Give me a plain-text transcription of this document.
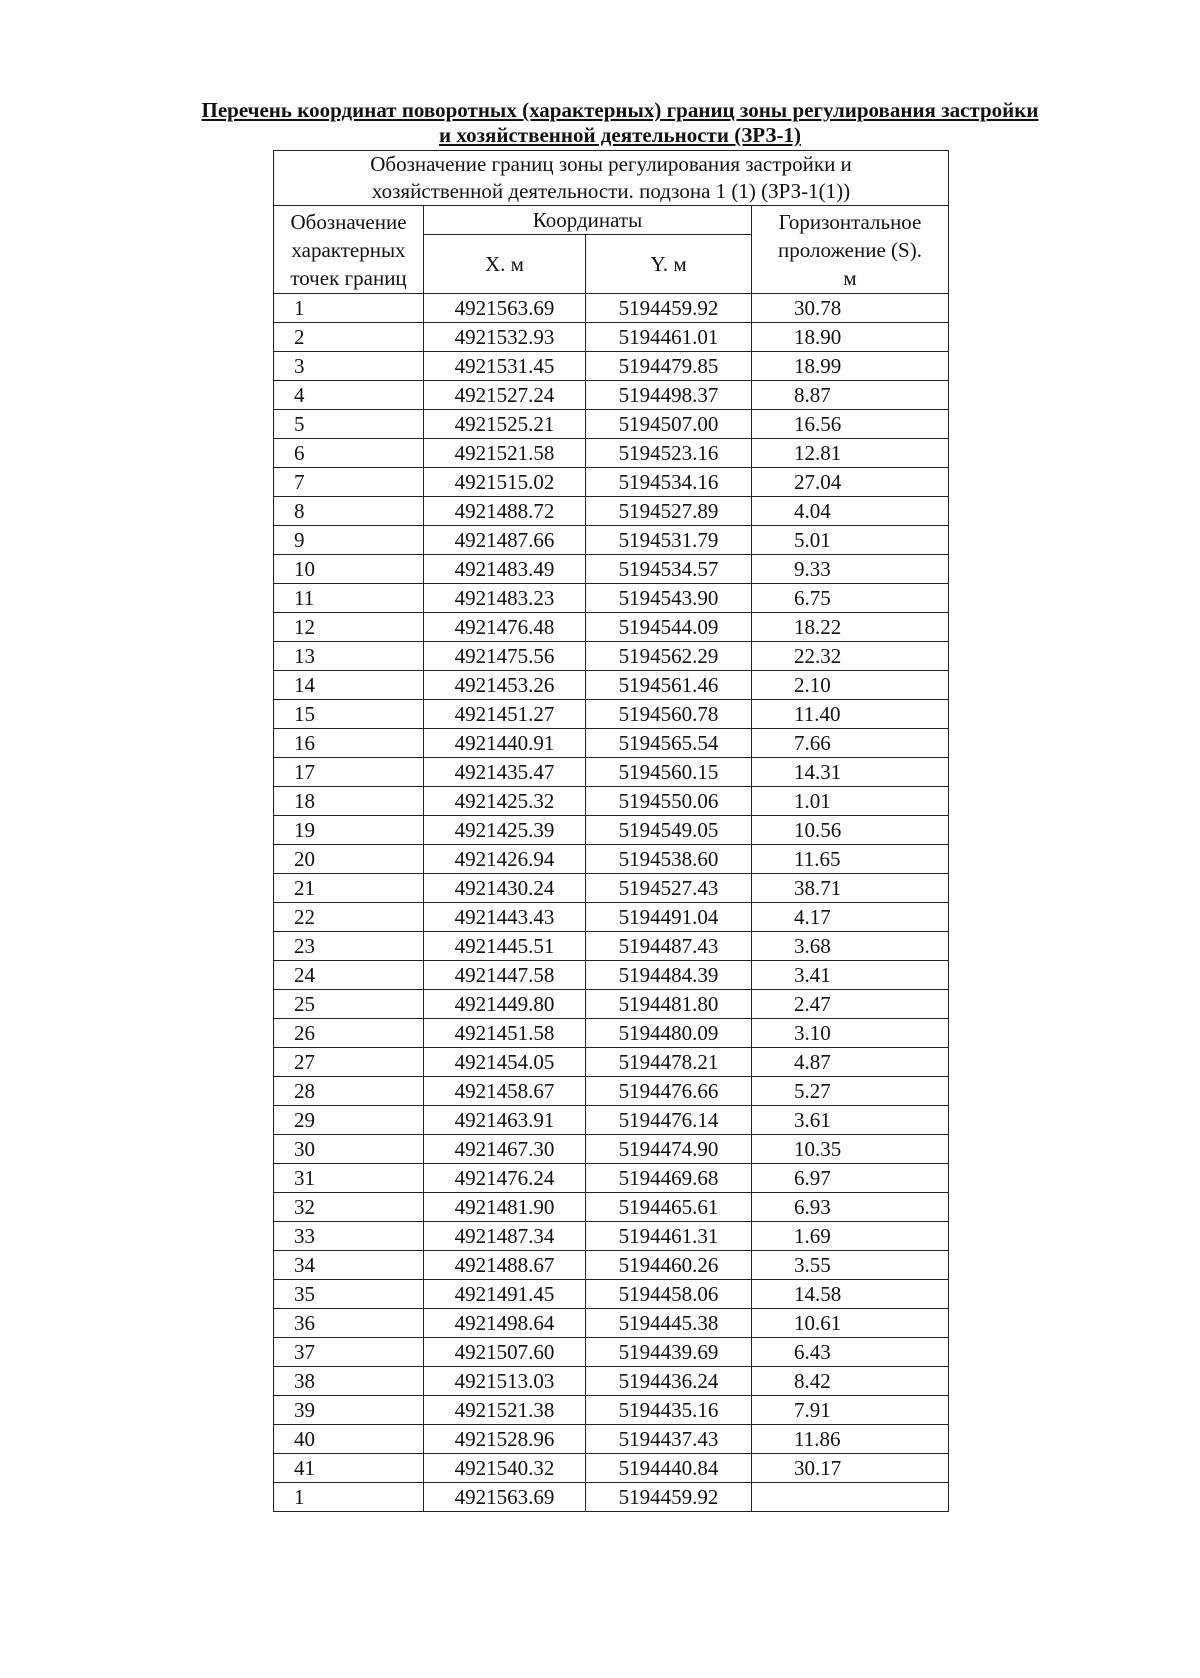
Перечень координат поворотных (характерных) границ зоны регулирования застройки
и хозяйственной деятельности (ЗРЗ-1)
Обозначение границ зоны регулирования застройки и
хозяйственной деятельности. подзона 1 (1) (ЗРЗ-1(1))			
Обозначение
характерных
точек границ	Координаты		Горизонтальное
проложение (S).
м
	X. м	Y. м	
1	4921563.69	5194459.92	30.78
2	4921532.93	5194461.01	18.90
3	4921531.45	5194479.85	18.99
4	4921527.24	5194498.37	8.87
5	4921525.21	5194507.00	16.56
6	4921521.58	5194523.16	12.81
7	4921515.02	5194534.16	27.04
8	4921488.72	5194527.89	4.04
9	4921487.66	5194531.79	5.01
10	4921483.49	5194534.57	9.33
11	4921483.23	5194543.90	6.75
12	4921476.48	5194544.09	18.22
13	4921475.56	5194562.29	22.32
14	4921453.26	5194561.46	2.10
15	4921451.27	5194560.78	11.40
16	4921440.91	5194565.54	7.66
17	4921435.47	5194560.15	14.31
18	4921425.32	5194550.06	1.01
19	4921425.39	5194549.05	10.56
20	4921426.94	5194538.60	11.65
21	4921430.24	5194527.43	38.71
22	4921443.43	5194491.04	4.17
23	4921445.51	5194487.43	3.68
24	4921447.58	5194484.39	3.41
25	4921449.80	5194481.80	2.47
26	4921451.58	5194480.09	3.10
27	4921454.05	5194478.21	4.87
28	4921458.67	5194476.66	5.27
29	4921463.91	5194476.14	3.61
30	4921467.30	5194474.90	10.35
31	4921476.24	5194469.68	6.97
32	4921481.90	5194465.61	6.93
33	4921487.34	5194461.31	1.69
34	4921488.67	5194460.26	3.55
35	4921491.45	5194458.06	14.58
36	4921498.64	5194445.38	10.61
37	4921507.60	5194439.69	6.43
38	4921513.03	5194436.24	8.42
39	4921521.38	5194435.16	7.91
40	4921528.96	5194437.43	11.86
41	4921540.32	5194440.84	30.17
1	4921563.69	5194459.92	
